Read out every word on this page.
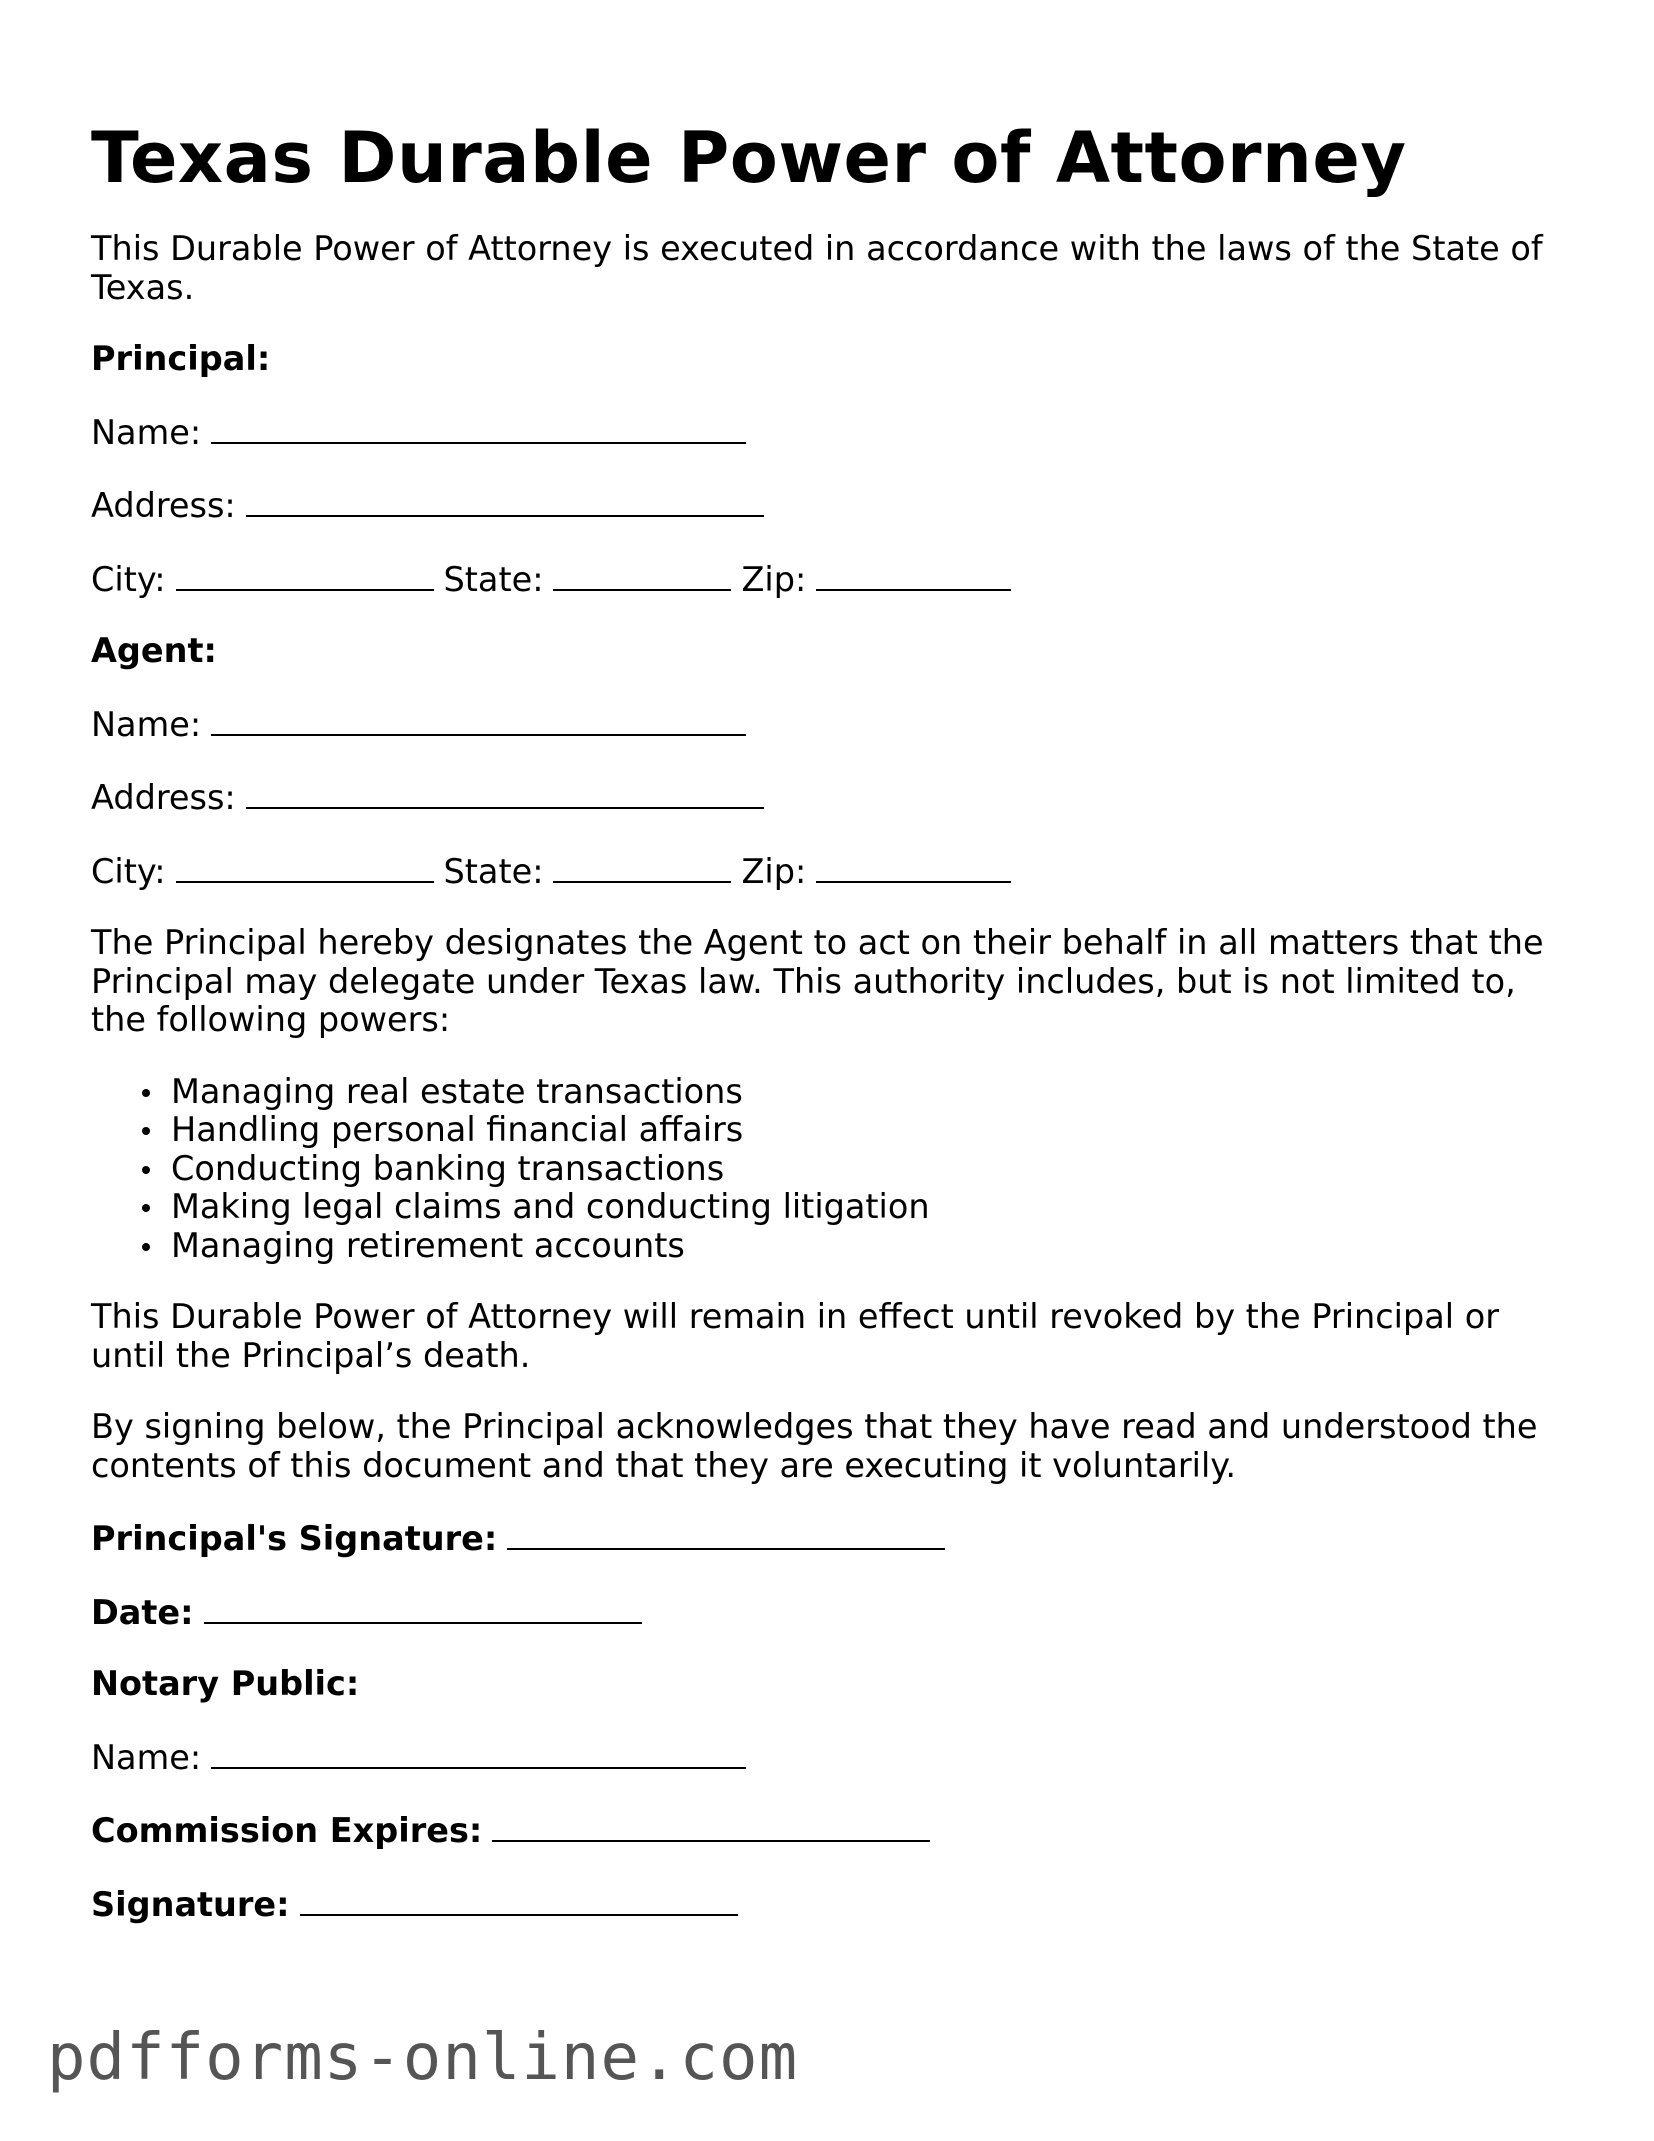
Texas Durable Power of Attorney

This Durable Power of Attorney is executed in accordance with the laws of the State of Texas.

Principal:

Name:
Address:
City:	State:	Zip:

Agent:

Name:
Address:
City:	State:	Zip:

The Principal hereby designates the Agent to act on their behalf in all matters that the Principal may delegate under Texas law. This authority includes, but is not limited to, the following powers:

Managing real estate transactions
Handling personal financial affairs
Conducting banking transactions
Making legal claims and conducting litigation
Managing retirement accounts

This Durable Power of Attorney will remain in effect until revoked by the Principal or until the Principal’s death.

By signing below, the Principal acknowledges that they have read and understood the contents of this document and that they are executing it voluntarily.

Principal's Signature:
Date:

Notary Public:

Name:
Commission Expires:
Signature:
pdfforms-online.com
